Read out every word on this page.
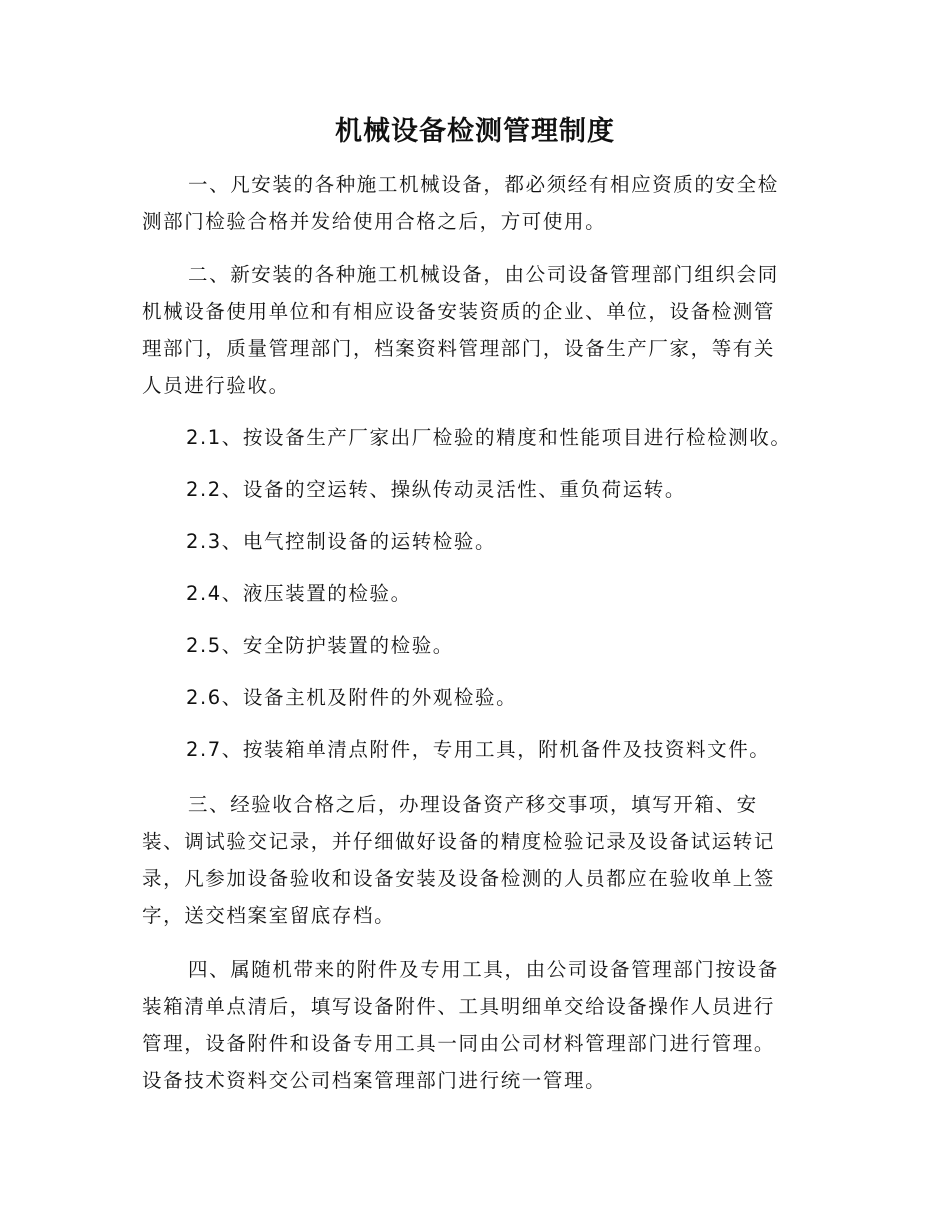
机械设备检测管理制度
一、凡安装的各种施工机械设备，都必须经有相应资质的安全检
测部门检验合格并发给使用合格之后，方可使用。
二、新安装的各种施工机械设备，由公司设备管理部门组织会同
机械设备使用单位和有相应设备安装资质的企业、单位，设备检测管
理部门，质量管理部门，档案资料管理部门，设备生产厂家，等有关
人员进行验收。
2.1、按设备生产厂家出厂检验的精度和性能项目进行检检测收。
2.2、设备的空运转、操纵传动灵活性、重负荷运转。
2.3、电气控制设备的运转检验。
2.4、液压装置的检验。
2.5、安全防护装置的检验。
2.6、设备主机及附件的外观检验。
2.7、按装箱单清点附件，专用工具，附机备件及技资料文件。
三、经验收合格之后，办理设备资产移交事项，填写开箱、安
装、调试验交记录，并仔细做好设备的精度检验记录及设备试运转记
录，凡参加设备验收和设备安装及设备检测的人员都应在验收单上签
字，送交档案室留底存档。
四、属随机带来的附件及专用工具，由公司设备管理部门按设备
装箱清单点清后，填写设备附件、工具明细单交给设备操作人员进行
管理，设备附件和设备专用工具一同由公司材料管理部门进行管理。
设备技术资料交公司档案管理部门进行统一管理。
